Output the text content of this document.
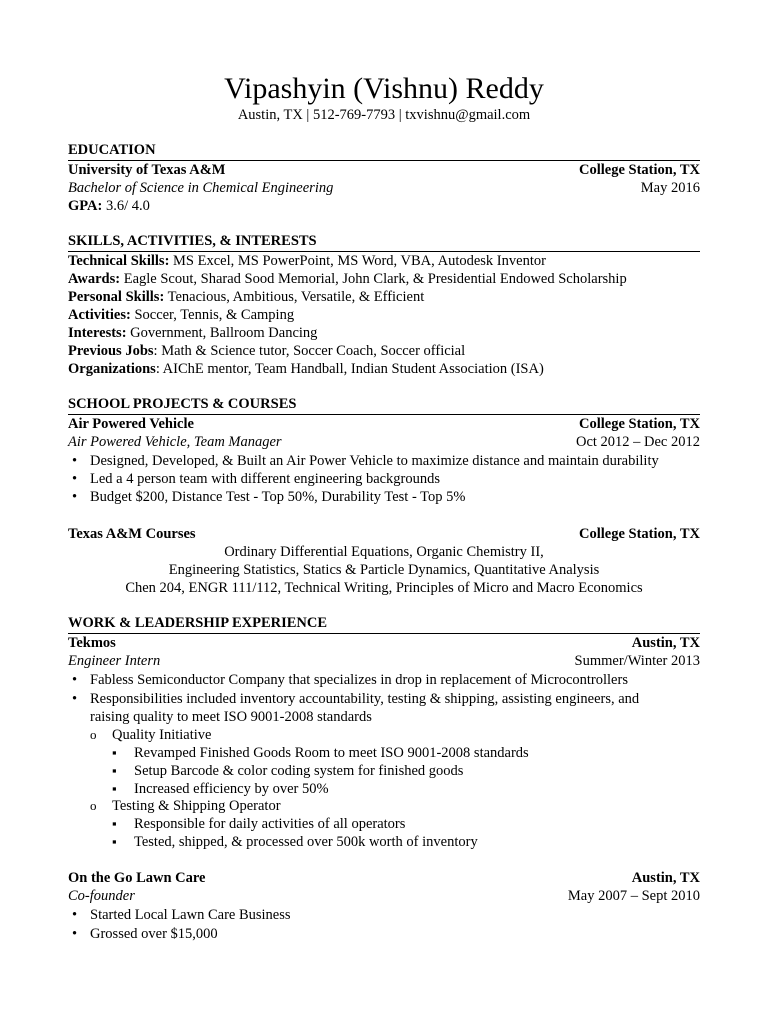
Vipashyin (Vishnu) Reddy
Austin, TX | 512-769-7793 | txvishnu@gmail.com
EDUCATION
University of Texas A&M	College Station, TX
Bachelor of Science in Chemical Engineering	May 2016
GPA: 3.6/ 4.0
SKILLS, ACTIVITIES, & INTERESTS
Technical Skills: MS Excel, MS PowerPoint, MS Word, VBA, Autodesk Inventor
Awards: Eagle Scout, Sharad Sood Memorial, John Clark, & Presidential Endowed Scholarship
Personal Skills: Tenacious, Ambitious, Versatile, & Efficient
Activities: Soccer, Tennis, & Camping
Interests: Government, Ballroom Dancing
Previous Jobs: Math & Science tutor, Soccer Coach, Soccer official
Organizations: AIChE mentor, Team Handball, Indian Student Association (ISA)
SCHOOL PROJECTS & COURSES
Air Powered Vehicle	College Station, TX
Air Powered Vehicle, Team Manager	Oct 2012 – Dec 2012
• Designed, Developed, & Built an Air Power Vehicle to maximize distance and maintain durability
• Led a 4 person team with different engineering backgrounds
• Budget $200, Distance Test - Top 50%, Durability Test - Top 5%
Texas A&M Courses	College Station, TX
Ordinary Differential Equations, Organic Chemistry II,
Engineering Statistics, Statics & Particle Dynamics, Quantitative Analysis
Chen 204, ENGR 111/112, Technical Writing, Principles of Micro and Macro Economics
WORK & LEADERSHIP EXPERIENCE
Tekmos	Austin, TX
Engineer Intern	Summer/Winter 2013
• Fabless Semiconductor Company that specializes in drop in replacement of Microcontrollers
• Responsibilities included inventory accountability, testing & shipping, assisting engineers, and
raising quality to meet ISO 9001-2008 standards
o Quality Initiative
▪ Revamped Finished Goods Room to meet ISO 9001-2008 standards
▪ Setup Barcode & color coding system for finished goods
▪ Increased efficiency by over 50%
o Testing & Shipping Operator
▪ Responsible for daily activities of all operators
▪ Tested, shipped, & processed over 500k worth of inventory
On the Go Lawn Care	Austin, TX
Co-founder	May 2007 – Sept 2010
• Started Local Lawn Care Business
• Grossed over $15,000
